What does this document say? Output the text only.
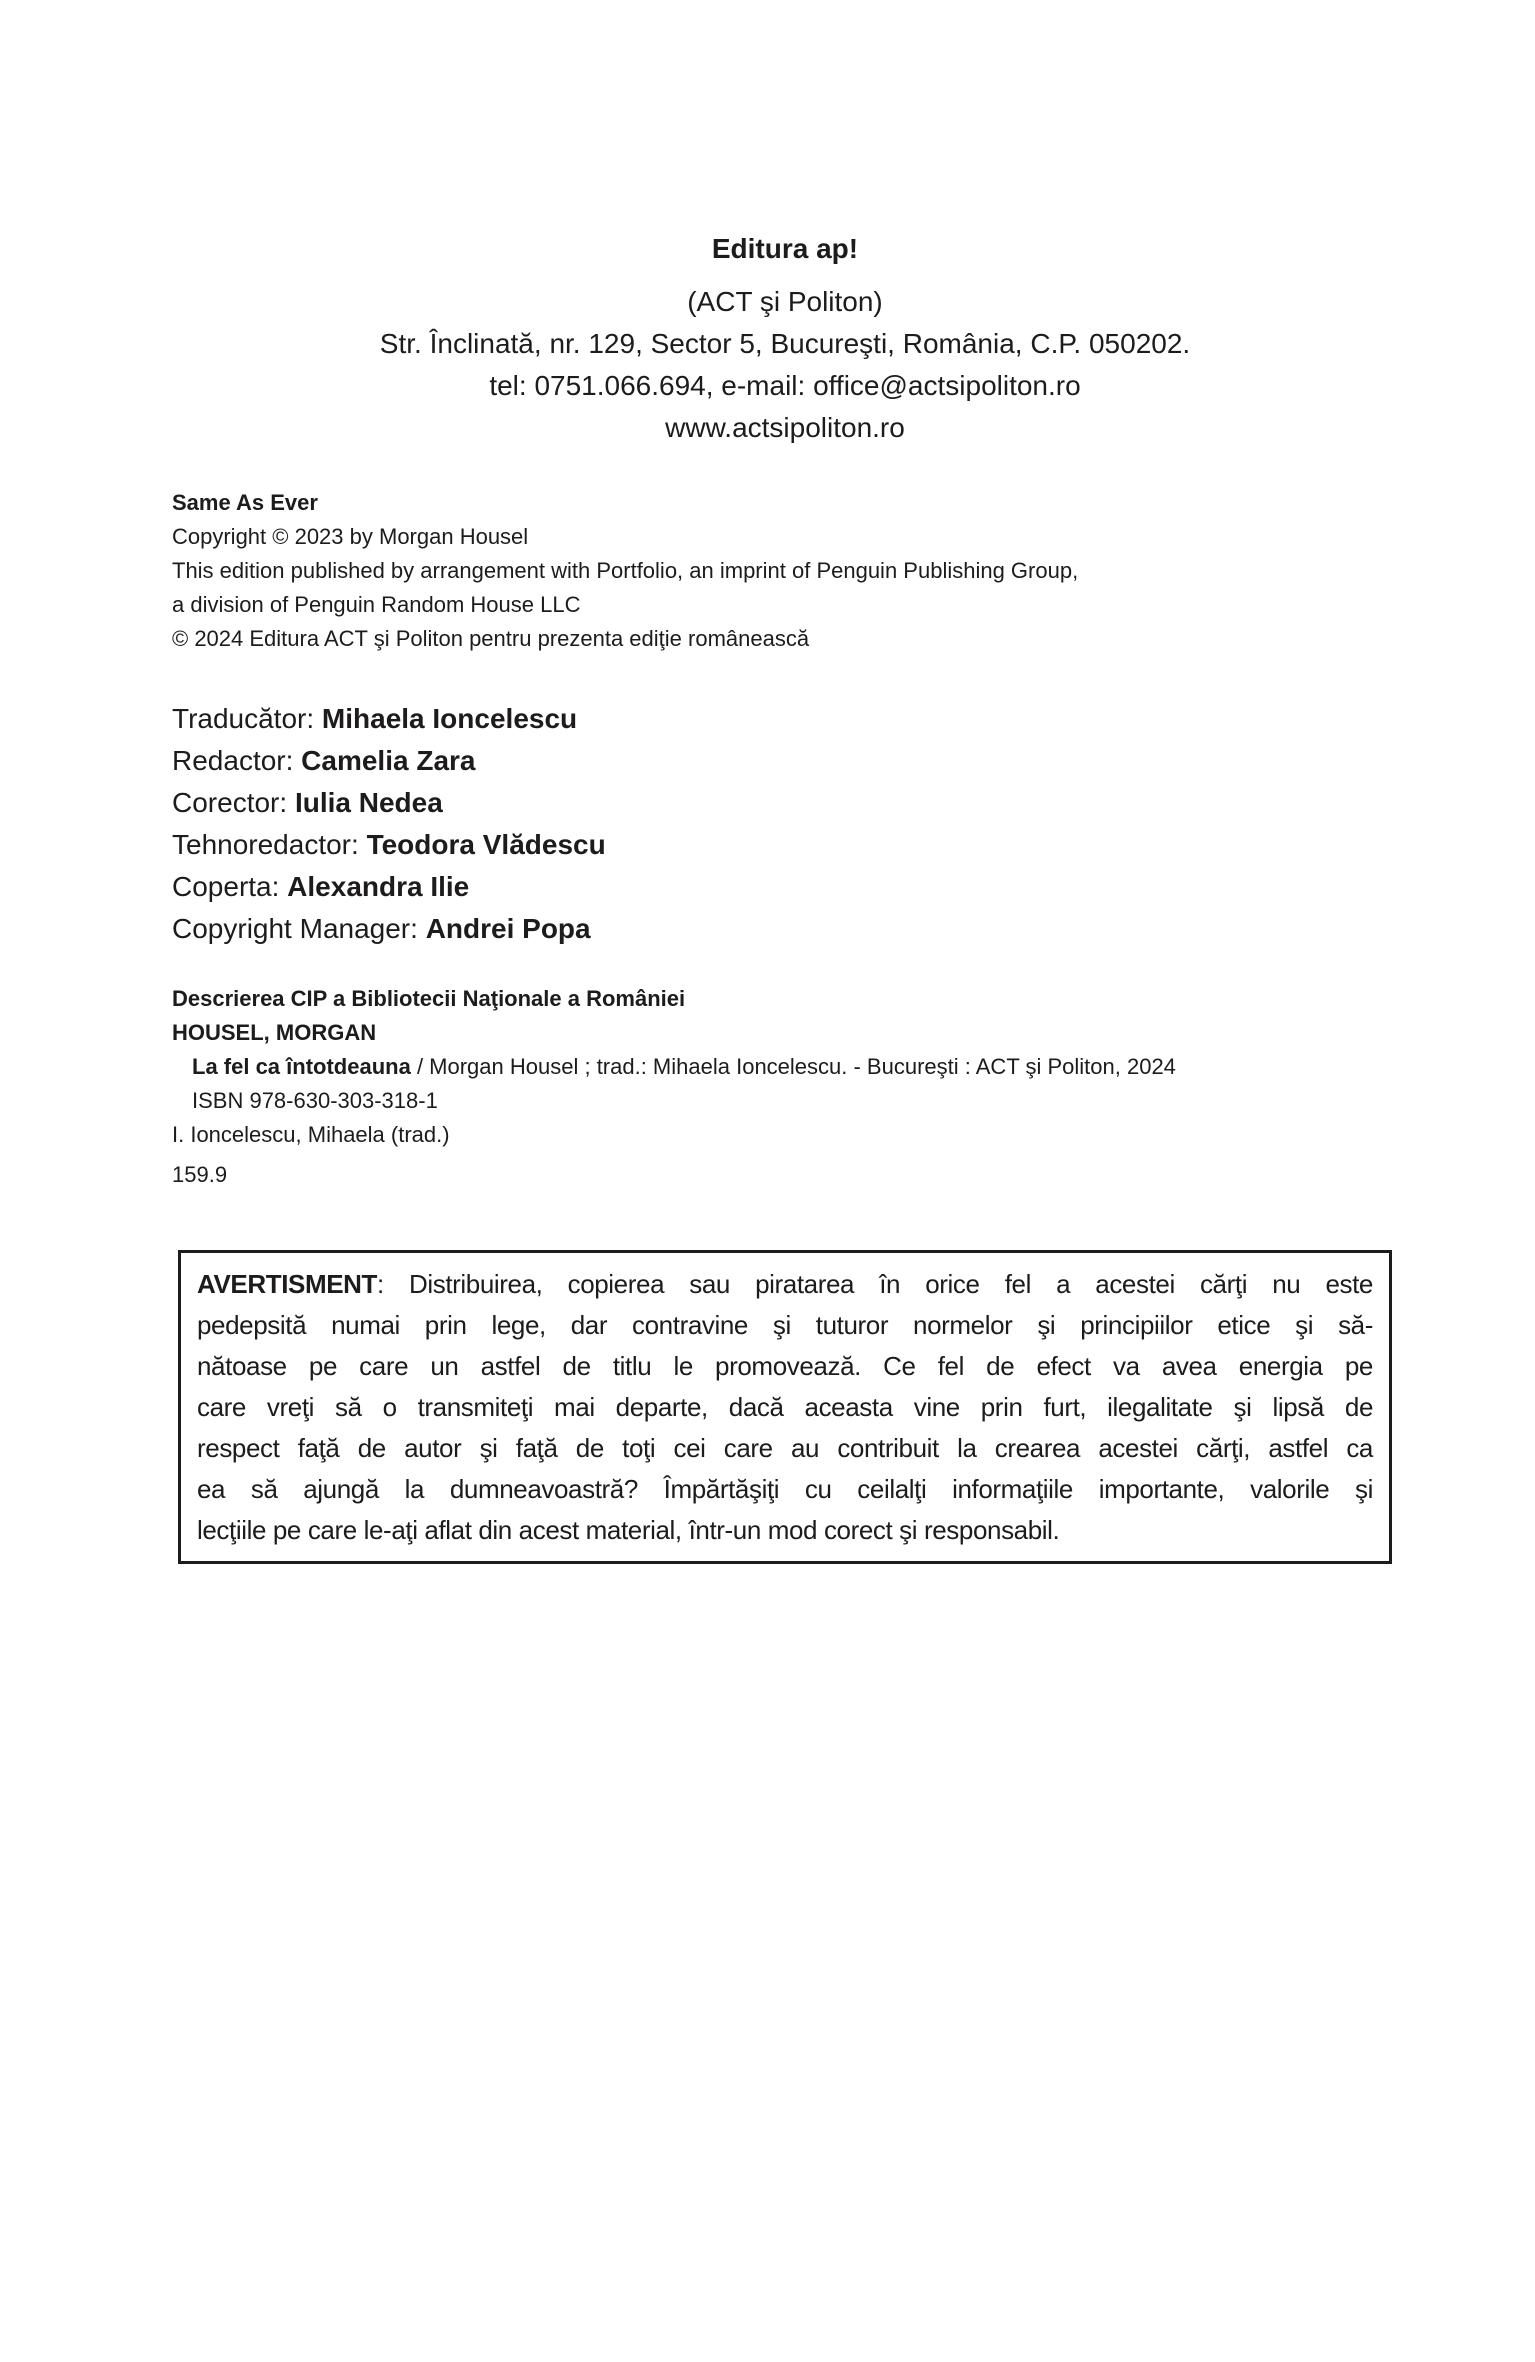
Editura ap!
(ACT şi Politon)
Str. Înclinată, nr. 129, Sector 5, Bucureşti, România, C.P. 050202.
tel: 0751.066.694, e-mail: office@actsipoliton.ro
www.actsipoliton.ro
Same As Ever
Copyright © 2023 by Morgan Housel
This edition published by arrangement with Portfolio, an imprint of Penguin Publishing Group,
a division of Penguin Random House LLC
© 2024 Editura ACT şi Politon pentru prezenta ediţie românească
Traducător: Mihaela Ioncelescu
Redactor: Camelia Zara
Corector: Iulia Nedea
Tehnoredactor: Teodora Vlădescu
Coperta: Alexandra Ilie
Copyright Manager: Andrei Popa
Descrierea CIP a Bibliotecii Naţionale a României
HOUSEL, MORGAN
La fel ca întotdeauna / Morgan Housel ; trad.: Mihaela Ioncelescu. - Bucureşti : ACT şi Politon, 2024
ISBN 978-630-303-318-1
I. Ioncelescu, Mihaela (trad.)
159.9
AVERTISMENT: Distribuirea, copierea sau piratarea în orice fel a acestei cărţi nu este
pedepsită numai prin lege, dar contravine şi tuturor normelor şi principiilor etice şi să-
nătoase pe care un astfel de titlu le promovează. Ce fel de efect va avea energia pe
care vreţi să o transmiteţi mai departe, dacă aceasta vine prin furt, ilegalitate şi lipsă de
respect faţă de autor şi faţă de toţi cei care au contribuit la crearea acestei cărţi, astfel ca
ea să ajungă la dumneavoastră? Împărtăşiţi cu ceilalţi informaţiile importante, valorile şi
lecţiile pe care le-aţi aflat din acest material, într-un mod corect şi responsabil.
